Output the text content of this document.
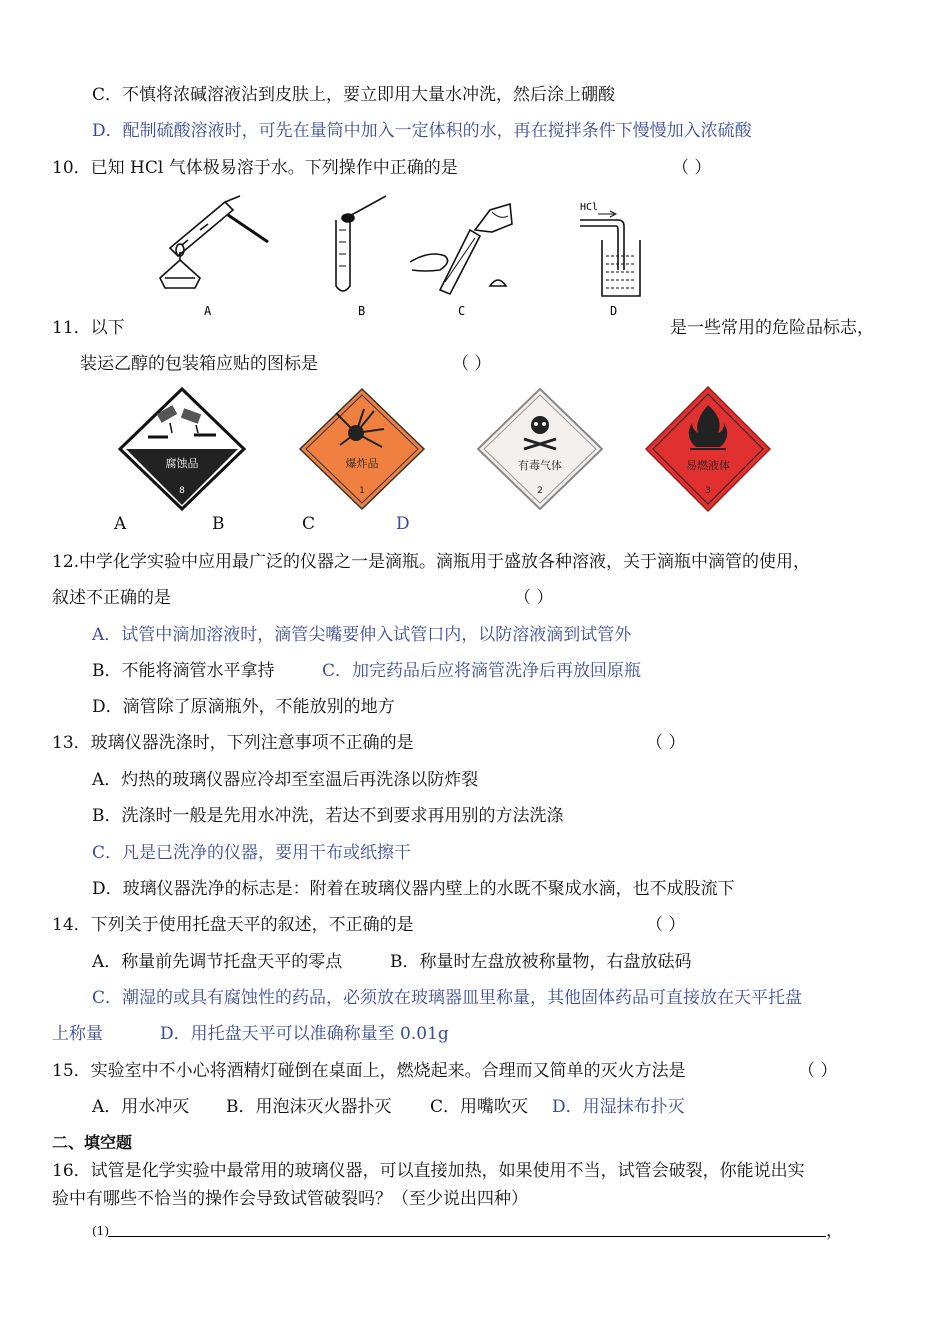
C．不慎将浓碱溶液沾到皮肤上，要立即用大量水冲洗，然后涂上硼酸
D．配制硫酸溶液时，可先在量筒中加入一定体积的水，再在搅拌条件下慢慢加入浓硫酸
10．已知 HCl 气体极易溶于水。下列操作中正确的是	（ ）
A	B	C
HCl
D
11．以下	是一些常用的危险品标志，
装运乙醇的包装箱应贴的图标是	（ ）
腐蚀品
8
爆炸品
1
有毒气体
2
易燃液体
3
A	B	C	D
12.中学化学实验中应用最广泛的仪器之一是滴瓶。滴瓶用于盛放各种溶液，关于滴瓶中滴管的使用，
叙述不正确的是	（ ）
A．试管中滴加溶液时，滴管尖嘴要伸入试管口内，以防溶液滴到试管外
B．不能将滴管水平拿持	C．加完药品后应将滴管洗净后再放回原瓶
D．滴管除了原滴瓶外，不能放别的地方
13．玻璃仪器洗涤时，下列注意事项不正确的是	（ ）
A．灼热的玻璃仪器应冷却至室温后再洗涤以防炸裂
B．洗涤时一般是先用水冲洗，若达不到要求再用别的方法洗涤
C．凡是已洗净的仪器，要用干布或纸擦干
D．玻璃仪器洗净的标志是：附着在玻璃仪器内壁上的水既不聚成水滴，也不成股流下
14．下列关于使用托盘天平的叙述，不正确的是	（ ）
A．称量前先调节托盘天平的零点	B．称量时左盘放被称量物，右盘放砝码
C．潮湿的或具有腐蚀性的药品，必须放在玻璃器皿里称量，其他固体药品可直接放在天平托盘
上称量	D．用托盘天平可以准确称量至 0.01g
15．实验室中不小心将酒精灯碰倒在桌面上，燃烧起来。合理而又简单的灭火方法是	（ ）
A．用水冲灭 B．用泡沫灭火器扑灭 C．用嘴吹灭 D．用湿抹布扑灭
二、填空题
16．试管是化学实验中最常用的玻璃仪器，可以直接加热，如果使用不当，试管会破裂，你能说出实
验中有哪些不恰当的操作会导致试管破裂吗？（至少说出四种）
(1)	，
